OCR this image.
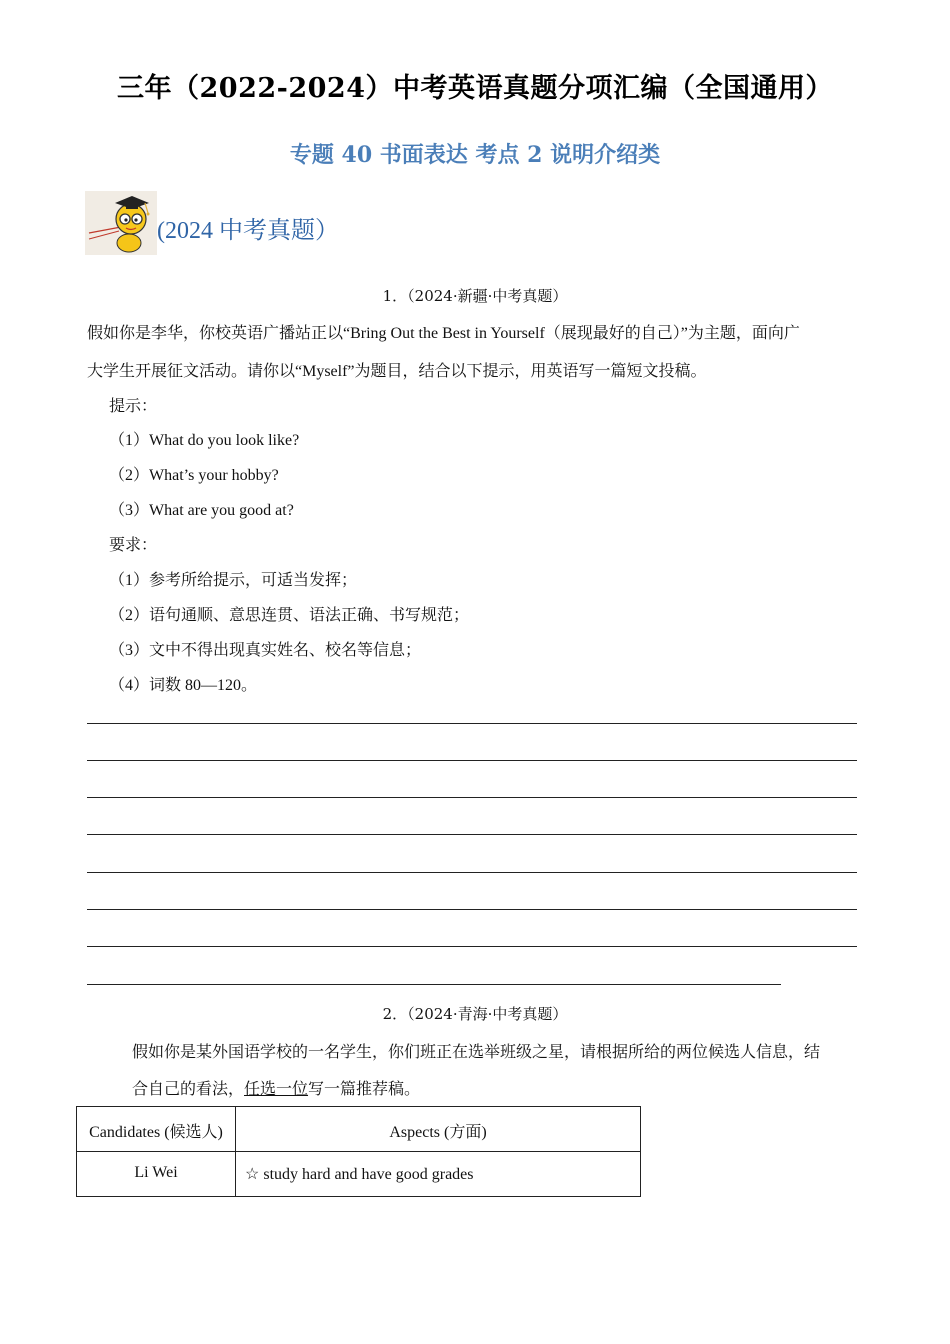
三年（2022-2024）中考英语真题分项汇编（全国通用）
专题 40 书面表达 考点 2 说明介绍类
(2024 中考真题）
1．（2024·新疆·中考真题）
假如你是李华，你校英语广播站正以“Bring Out the Best in Yourself（展现最好的自己）”为主题，面向广
大学生开展征文活动。请你以“Myself”为题目，结合以下提示，用英语写一篇短文投稿。
提示：
（1）What do you look like?
（2）What’s your hobby?
（3）What are you good at?
要求：
（1）参考所给提示，可适当发挥；
（2）语句通顺、意思连贯、语法正确、书写规范；
（3）文中不得出现真实姓名、校名等信息；
（4）词数 80—120。
2．（2024·青海·中考真题）
假如你是某外国语学校的一名学生，你们班正在选举班级之星，请根据所给的两位候选人信息，结
合自己的看法，任选一位写一篇推荐稿。
Candidates (候选人)	Aspects (方面)
Li Wei	☆ study hard and have good grades
